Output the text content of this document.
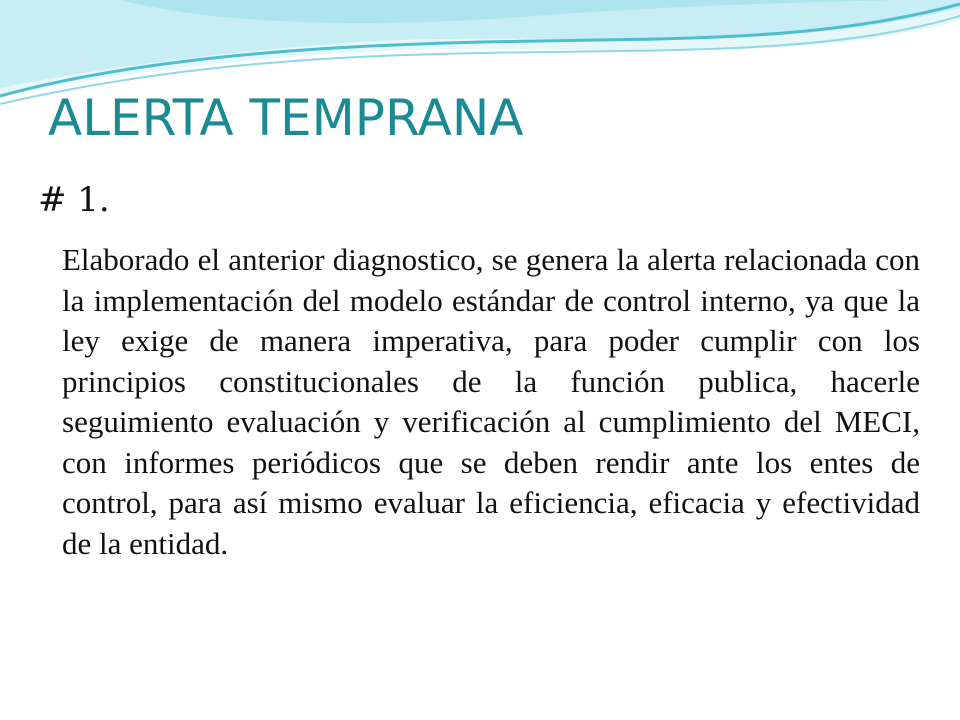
ALERTA TEMPRANA
# 1.

Elaborado el anterior diagnostico, se genera la alerta relacionada con la implementación del modelo estándar de control interno, ya que la ley exige de manera imperativa, para poder cumplir con los principios constitucionales de la función publica, hacerle seguimiento evaluación y verificación al cumplimiento del MECI, con informes periódicos que se deben rendir ante los entes de control, para así mismo evaluar la eficiencia, eficacia y efectividad de la entidad.
